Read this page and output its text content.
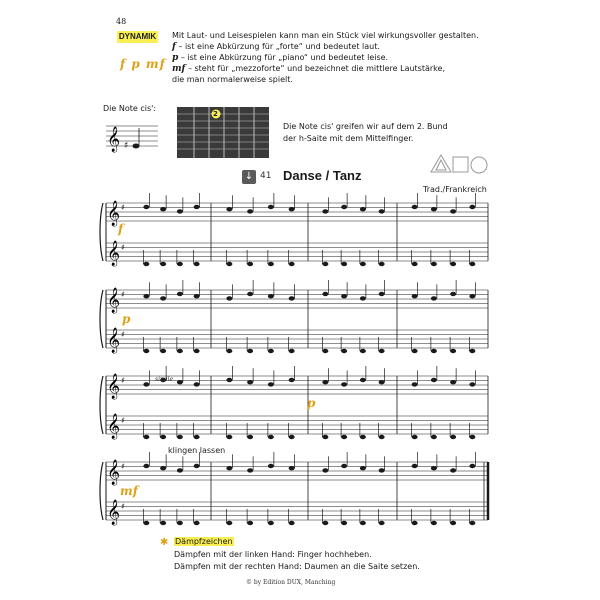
48
DYNAMIK
f p mf
Mit Laut- und Leisespielen kann man ein Stück viel wirkungsvoller gestalten.
f – ist eine Abkürzung für „forte“ und bedeutet laut.
p – ist eine Abkürzung für „piano“ und bedeutet leise.
mf – steht für „mezzoforte“ und bezeichnet die mittlere Lautstärke,
die man normalerweise spielt.
Die Note cis':
𝄞 ♯
𝄞 ♯
𝄞 ♯
𝄞 ♯
𝄞 ♯
𝄞 ♯
𝄞 ♯
𝄞 ♯
𝄞 ♯
Die Note cis' greifen wir auf dem 2. Bund
der h-Saite mit dem Mittelfinger.
2
↓ 41 Danse / Tanz
Trad./Frankreich
f
p
p
mf
simile
klingen lassen
✱ Dämpfzeichen
Dämpfen mit der linken Hand: Finger hochheben.
Dämpfen mit der rechten Hand: Daumen an die Saite setzen.
© by Edition DUX, Manching
